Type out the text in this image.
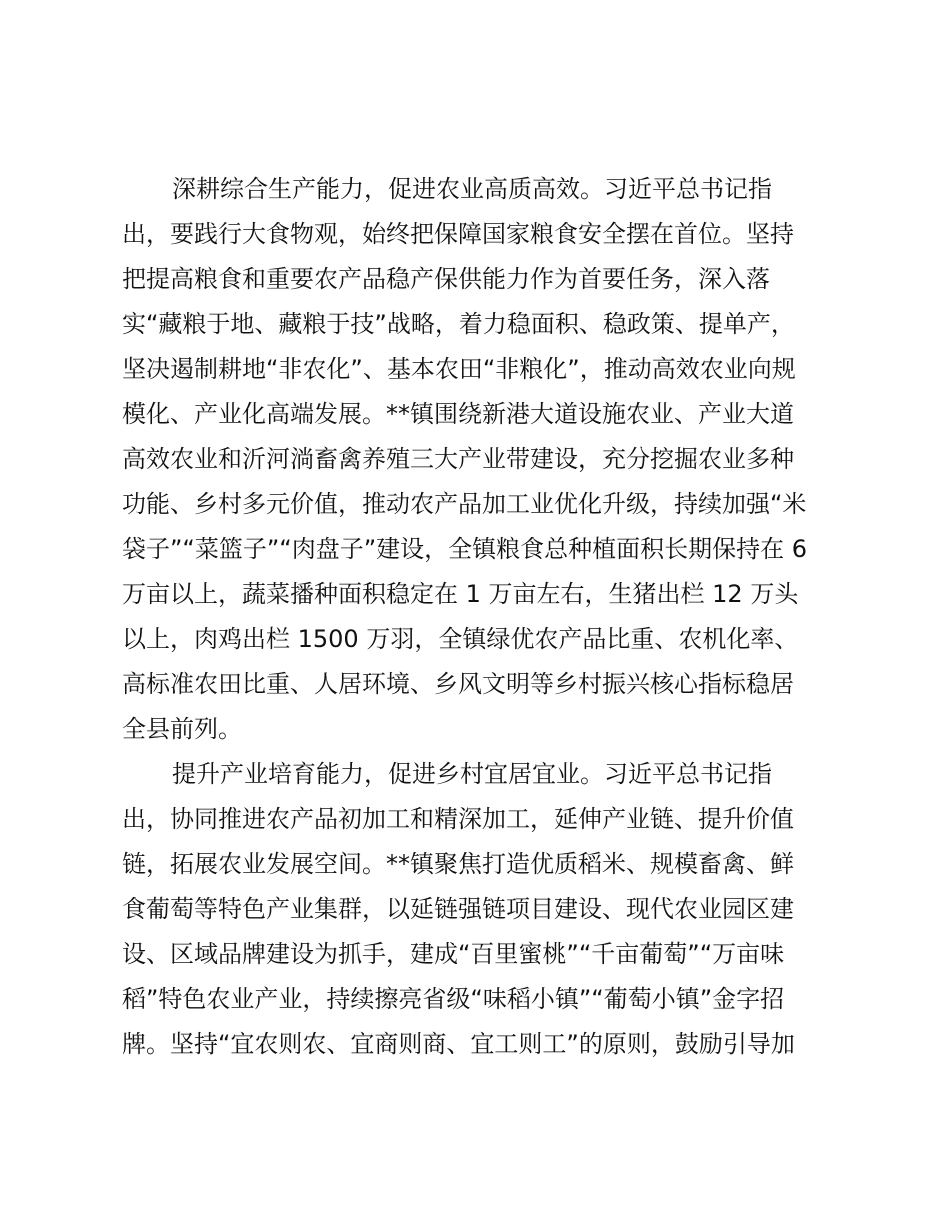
深耕综合生产能力，促进农业高质高效。习近平总书记指
出，要践行大食物观，始终把保障国家粮食安全摆在首位。坚持
把提高粮食和重要农产品稳产保供能力作为首要任务，深入落
实“藏粮于地、藏粮于技”战略，着力稳面积、稳政策、提单产，
坚决遏制耕地“非农化”、基本农田“非粮化”，推动高效农业向规
模化、产业化高端发展。**镇围绕新港大道设施农业、产业大道
高效农业和沂河淌畜禽养殖三大产业带建设，充分挖掘农业多种
功能、乡村多元价值，推动农产品加工业优化升级，持续加强“米
袋子”“菜篮子”“肉盘子”建设，全镇粮食总种植面积长期保持在 6
万亩以上，蔬菜播种面积稳定在 1 万亩左右，生猪出栏 12 万头
以上，肉鸡出栏 1500 万羽，全镇绿优农产品比重、农机化率、
高标准农田比重、人居环境、乡风文明等乡村振兴核心指标稳居
全县前列。
提升产业培育能力，促进乡村宜居宜业。习近平总书记指
出，协同推进农产品初加工和精深加工，延伸产业链、提升价值
链，拓展农业发展空间。**镇聚焦打造优质稻米、规模畜禽、鲜
食葡萄等特色产业集群，以延链强链项目建设、现代农业园区建
设、区域品牌建设为抓手，建成“百里蜜桃”“千亩葡萄”“万亩味
稻”特色农业产业，持续擦亮省级“味稻小镇”“葡萄小镇”金字招
牌。坚持“宜农则农、宜商则商、宜工则工”的原则，鼓励引导加
